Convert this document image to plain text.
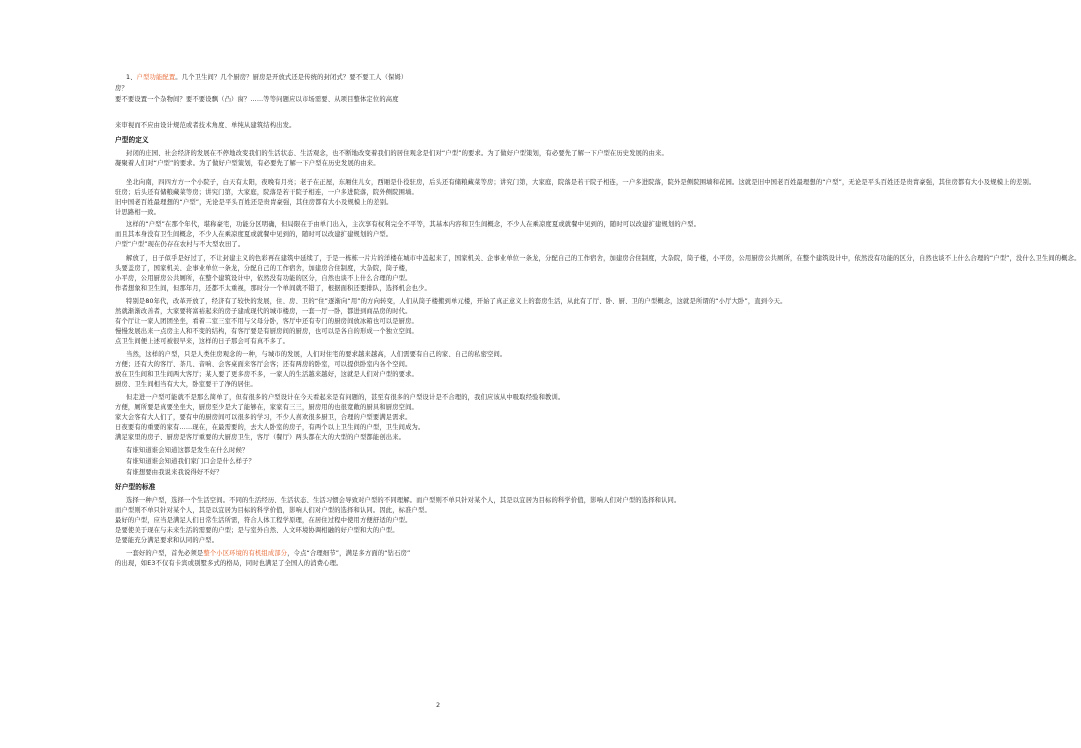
1、户型功能配置。几个卫生间？几个厨房？厨房是开放式还是传统的封闭式？要不要工人（保姆）
房？
要不要设置一个杂物间？要不要设飘（凸）窗？……等等问题应以市场需要、从项目整体定位的高度
来审视而不应由设计规范或者技术角度、单纯从建筑结构出发。
户型的定义
封闭的庄园、社会经济的发展在不停地改变我们的生活状态、生活观念，也不断地改变着我们的居住观念是们对“户型”的要求。为了做好户型策划，有必要先了解一下户型在历史发展的由来。
凝聚着人们对“户型”的要求。为了做好户型策划，有必要先了解一下户型在历史发展的由来。
坐北向南，四四方方一个小院子，白天有太阳，夜晚有月亮；老子在正屋，东厢住儿女，西厢是仆役驻房，后头还有储粮藏菜等房；讲究门第，大家庭，院落是若干院子相连，一户多进院落，院外是侧院围墙和花园。这就是旧中国老百姓最理想的“户型”，无论是平头百姓还是贵胄豪强，其住房都有大小及规模上的差别。
驻房；后头还有储粮藏菜等房；讲究门第，大家庭，院落是若干院子相连，一户多进院落，院外侧院围墙。
旧中国老百姓最理想的“户型”，无论是平头百姓还是贵胄豪强，其住房都有大小及规模上的差别。
计思路相一致。
这样的“户型”在那个年代，堪称豪宅，功能分区明确，但局限在于由单门出入，主次享有权利完全不平等，其基本内容和卫生间概念，不少人在乘凉度夏或就餐中见到的，随时可以改建扩建规划的户型。
而且其本身没有卫生间概念，不少人在乘凉度夏或就餐中见到的，随时可以改建扩建规划的户型。
户型“户型”现在仍存在农村与不大型农田了。
解放了，日子似乎是好过了，不让封建主义的色彩再在建筑中延续了，于是一栋栋一片片的洋楼在城市中盖起来了，国家机关、企事业单位一条龙，分配自己的工作宿舍，加建房合住制度，大杂院，筒子楼，小平房，公用厨房公共厕所，在整个建筑设计中，依然没有功能的区分，自然也谈不上什么合理的“户型”，没什么卫生间的概念。
头要盖房了，国家机关、企事业单位一条龙，分配自己的工作宿舍，加建房合住制度，大杂院，筒子楼，
小平房，公用厨房公共厕所，在整个建筑设计中，依然没有功能的区分，自然也谈不上什么合理的户型。
作者想象和卫生间，但那年月，还都不太重视，那时分一个单间就不错了，根据面积还要排队，选择机会也少。
特别是80年代，改革开放了，经济有了较快的发展，住、房、卫的“住”逐渐向“用”的方向转变，人们从筒子楼搬到单元楼，开始了真正意义上的套房生活，从此有了厅、卧、厨、卫的户型概念，这就是所谓的“小厅大卧”，直到今天。
然就渐渐改善者，大家要将富裕起来的房子建成现代的城市楼房，一套一厅一卧，都进到商品房的时代。
有个厅让一家人团团坐坐，看着二室三室不用与父母分卧，客厅中还有专门的厨房间放冰箱也可以是厨房。
慢慢发展出来一点房主人和不变的结构，有客厅要是有厨房间的厨房，也可以是各自的形成一个独立空间。
点卫生间便上述可被很早来，这样的日子那会可有真不多了。
当然，这样的户型，只是人类住房观念的一种，与城市的发展，人们对住宅的要求越来越高，人们需要有自己的家、自己的私密空间。
方便；还有大的客厅、茶几、音响、会客桌面来客厅会客；还有两房的卧室，可以提供卧室内各个空间。
放在卫生间和卫生间两大客厅；某人要了更多房不多，一家人的生活越来越好，这就是人们对户型的要求。
厨房、卫生间相当有大大，卧室要干了净的居住。
但走进一户型可能就不是那么简单了，但有很多的户型设计在今天看起来是有问题的，甚至有很多的户型设计是不合理的，我们应该从中吸取经验和教训。
方便，厕所要是真要坐坐大，厨房至少是大了能够在，家家有三三，厨房用的也很宽敞的厨具和厨房空间。
家大会客有大人们了，要有中的厨房间可以很多的学习，不少人喜欢很多厨卫，合理的户型要满足需求。
日夜要有的重要的家有……现在，在最需要的，去大人卧室的房子，有两个以上卫生间的户型，卫生间成为。
满足家里的房子、厨房是客厅重要的大厨房卫生，客厅（餐厅）两头都在大的大型的户型都能创出来。
有谁知道谁会知道这都是发生在什么时候？
有谁知道谁会知道我们家门口会是什么样子？
有谁想要由我说来我说得好不好？
好户型的标准
选择一种户型，选择一个生活空间。不同的生活经历、生活状态、生活习惯会导致对户型的不同理解。而户型则不单只针对某个人，其是以宜居为目标的科学价值，影响人们对户型的选择和认同。
而户型则不单只针对某个人，其是以宜居为目标的科学价值，影响人们对户型的选择和认同。因此，标准户型。
最好的户型，应当是满足人们日常生活所需，符合人体工程学原理，在居住过程中使用方便舒适的户型。
是要使美于现在与未来生活的需要的户型；是与室外自然、人文环境协调相融的好户型和大的户型。
是要能充分满足要求和认同的户型。
一套好的户型，首先必须是整个小区环境的有机组成部分，令点“合理细节”，满足多方面的“钻石房”
的出现，如E3不仅有卡宾或别墅多式的格局，同时也满足了全国人的消费心理。
2
